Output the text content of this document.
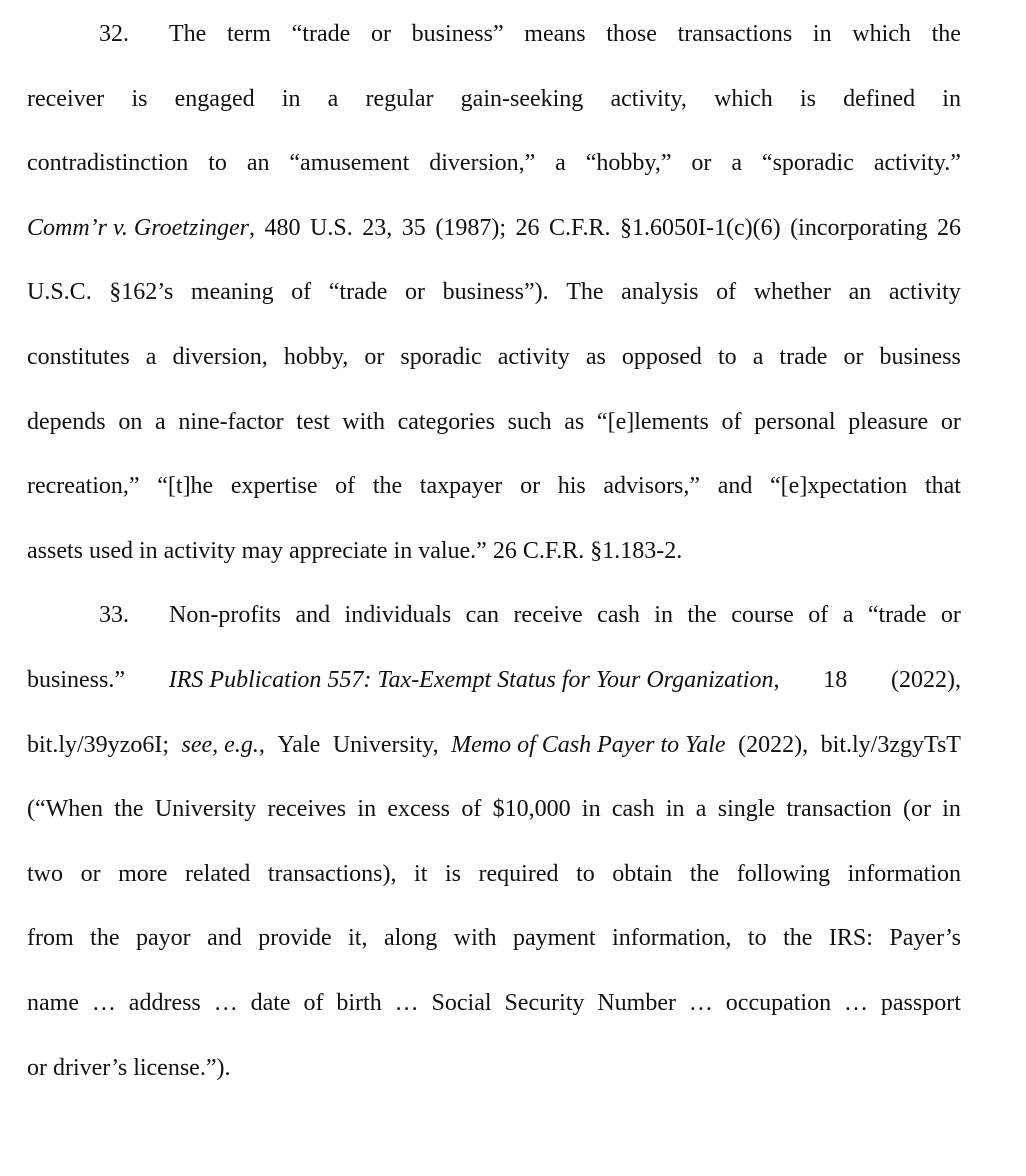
32. The term “trade or business” means those transactions in which the
receiver is engaged in a regular gain-seeking activity, which is defined in
contradistinction to an “amusement diversion,” a “hobby,” or a “sporadic activity.”
Comm’r v. Groetzinger, 480 U.S. 23, 35 (1987); 26 C.F.R. §1.6050I-1(c)(6) (incorporating 26
U.S.C. §162’s meaning of “trade or business”). The analysis of whether an activity
constitutes a diversion, hobby, or sporadic activity as opposed to a trade or business
depends on a nine-factor test with categories such as “[e]lements of personal pleasure or
recreation,” “[t]he expertise of the taxpayer or his advisors,” and “[e]xpectation that
assets used in activity may appreciate in value.” 26 C.F.R. §1.183-2.
33. Non-profits and individuals can receive cash in the course of a “trade or
business.” IRS Publication 557: Tax-Exempt Status for Your Organization, 18 (2022),
bit.ly/39yzo6I; see, e.g., Yale University, Memo of Cash Payer to Yale (2022), bit.ly/3zgyTsT
(“When the University receives in excess of $10,000 in cash in a single transaction (or in
two or more related transactions), it is required to obtain the following information
from the payor and provide it, along with payment information, to the IRS: Payer’s
name … address … date of birth … Social Security Number … occupation … passport
or driver’s license.”).
